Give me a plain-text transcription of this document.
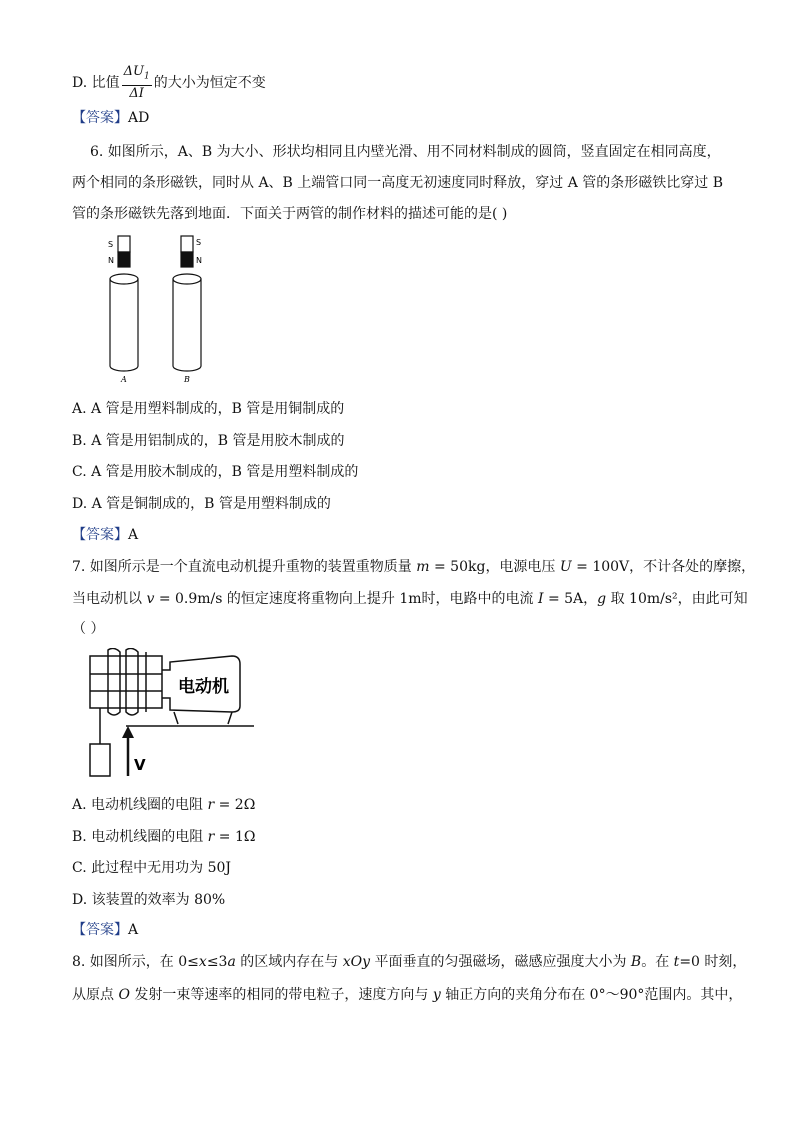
D. 比值 $\frac{\Delta U_1}{\Delta I}$ 的大小为恒定不变
【答案】AD
6. 如图所示，A、B 为大小、形状均相同且内壁光滑、用不同材料制成的圆筒，竖直固定在相同高度，
两个相同的条形磁铁，同时从 A、B 上端管口同一高度无初速度同时释放，穿过 A 管的条形磁铁比穿过 B
管的条形磁铁先落到地面．下面关于两管的制作材料的描述可能的是( )
S
N
S
N
A	B
A. A 管是用塑料制成的，B 管是用铜制成的
B. A 管是用铝制成的，B 管是用胶木制成的
C. A 管是用胶木制成的，B 管是用塑料制成的
D. A 管是铜制成的，B 管是用塑料制成的
【答案】A
7. 如图所示是一个直流电动机提升重物的装置重物质量 m = 50kg，电源电压 U = 100V，不计各处的摩擦，
当电动机以 v = 0.9m/s 的恒定速度将重物向上提升 1m时，电路中的电流 I = 5A，g 取 10m/s²，由此可知
（ ）
电动机
V
A. 电动机线圈的电阻 r = 2Ω
B. 电动机线圈的电阻 r = 1Ω
C. 此过程中无用功为 50J
D. 该装置的效率为 80%
【答案】A
8. 如图所示，在 0≤x≤3a 的区域内存在与 xOy 平面垂直的匀强磁场，磁感应强度大小为 B。在 t=0 时刻，
从原点 O 发射一束等速率的相同的带电粒子，速度方向与 y 轴正方向的夹角分布在 0°～90°范围内。其中，
